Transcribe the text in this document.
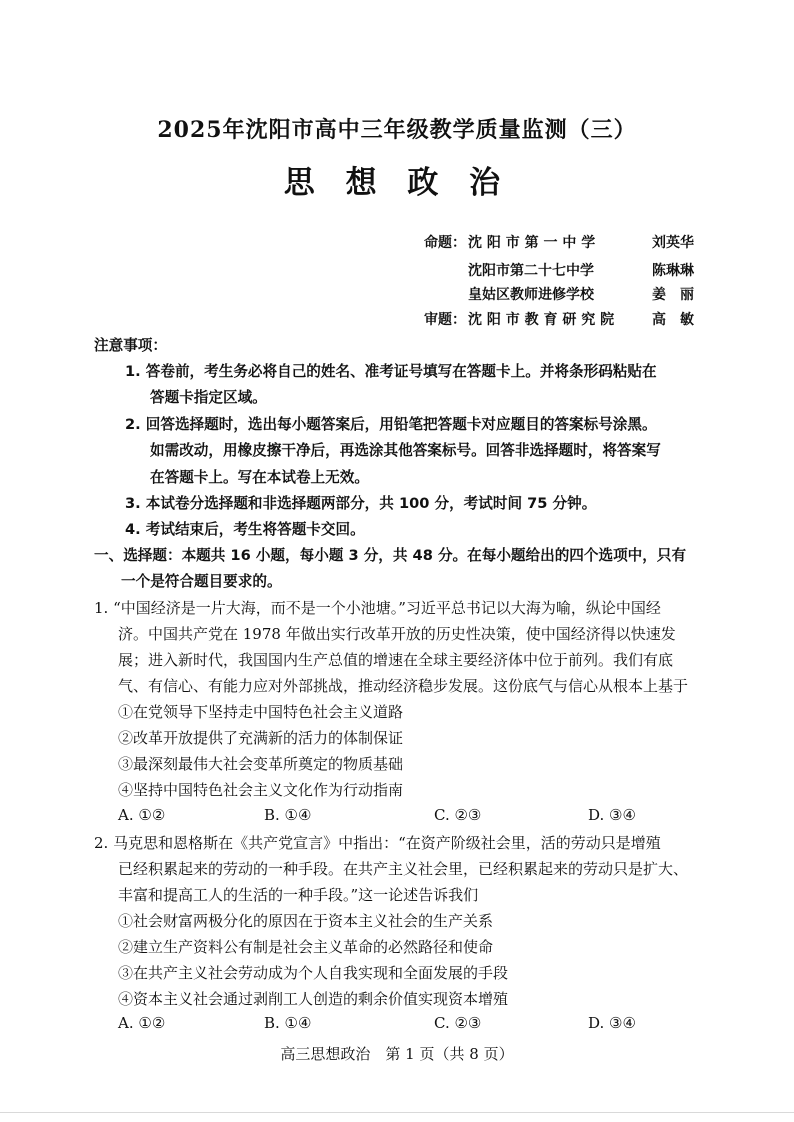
2025年沈阳市高中三年级教学质量监测（三）
思 想 政 治
命题： 沈 阳 市 第 一 中 学	刘英华
沈阳市第二十七中学	陈琳琳
皇姑区教师进修学校	姜　丽
审题： 沈 阳 市 教 育 研 究 院	高　敏
注意事项：
1. 答卷前，考生务必将自己的姓名、准考证号填写在答题卡上。并将条形码粘贴在
答题卡指定区域。
2. 回答选择题时，选出每小题答案后，用铅笔把答题卡对应题目的答案标号涂黑。
如需改动，用橡皮擦干净后，再选涂其他答案标号。回答非选择题时，将答案写
在答题卡上。写在本试卷上无效。
3. 本试卷分选择题和非选择题两部分，共 100 分，考试时间 75 分钟。
4. 考试结束后，考生将答题卡交回。
一、选择题：本题共 16 小题，每小题 3 分，共 48 分。在每小题给出的四个选项中，只有
一个是符合题目要求的。
1. “中国经济是一片大海，而不是一个小池塘。”习近平总书记以大海为喻，纵论中国经
济。中国共产党在 1978 年做出实行改革开放的历史性决策，使中国经济得以快速发
展；进入新时代，我国国内生产总值的增速在全球主要经济体中位于前列。我们有底
气、有信心、有能力应对外部挑战，推动经济稳步发展。这份底气与信心从根本上基于
①在党领导下坚持走中国特色社会主义道路
②改革开放提供了充满新的活力的体制保证
③最深刻最伟大社会变革所奠定的物质基础
④坚持中国特色社会主义文化作为行动指南
A. ①②	B. ①④	C. ②③	D. ③④
2. 马克思和恩格斯在《共产党宣言》中指出：“在资产阶级社会里，活的劳动只是增殖
已经积累起来的劳动的一种手段。在共产主义社会里，已经积累起来的劳动只是扩大、
丰富和提高工人的生活的一种手段。”这一论述告诉我们
①社会财富两极分化的原因在于资本主义社会的生产关系
②建立生产资料公有制是社会主义革命的必然路径和使命
③在共产主义社会劳动成为个人自我实现和全面发展的手段
④资本主义社会通过剥削工人创造的剩余价值实现资本增殖
A. ①②	B. ①④	C. ②③	D. ③④
高三思想政治　第 1 页（共 8 页）
